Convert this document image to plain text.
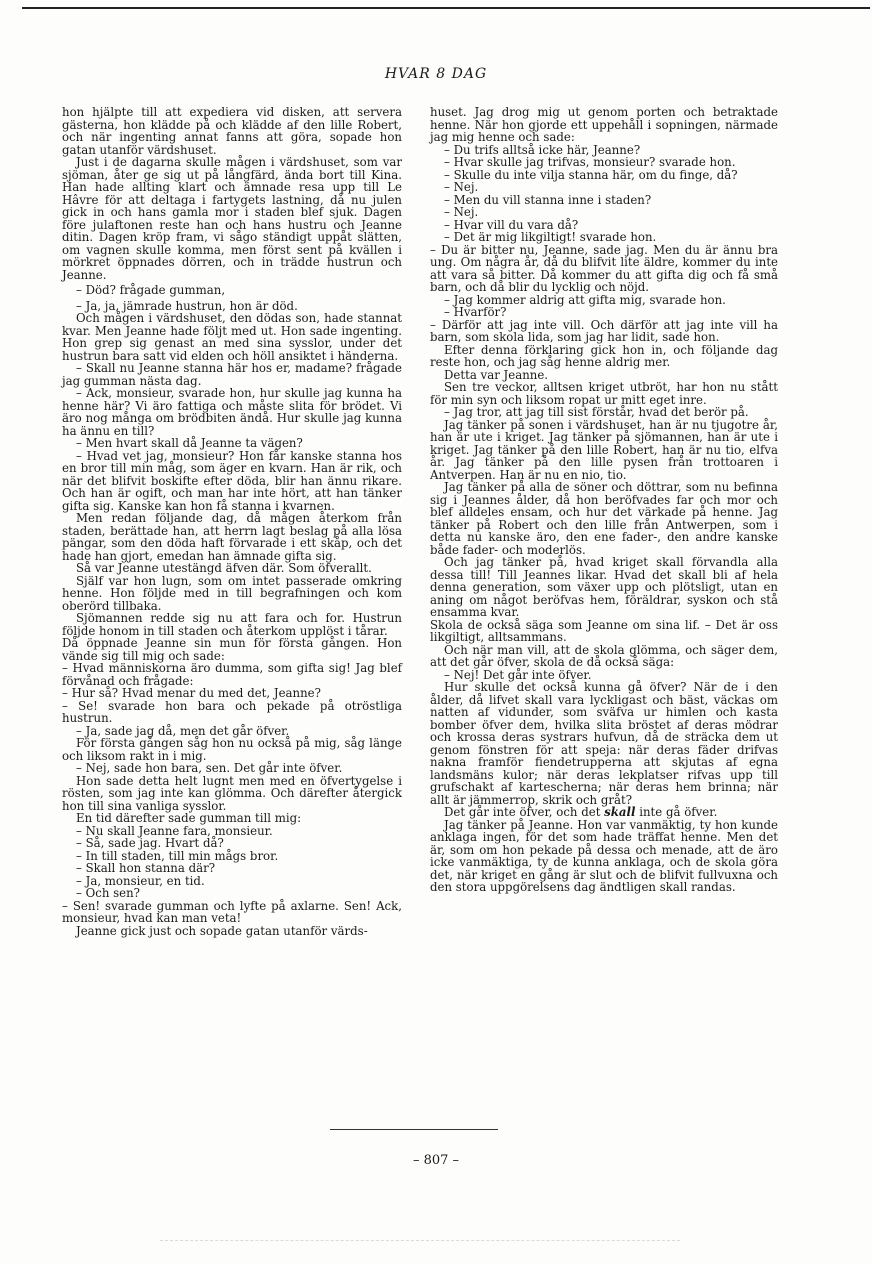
HVAR 8 DAG

hon hjälpte till att expediera vid disken, att servera gästerna, hon klädde på och klädde af den lille Robert, och när ingenting annat fanns att göra, sopade hon gatan utanför värdshuset.

Just i de dagarna skulle mågen i värdshuset, som var sjöman, åter ge sig ut på långfärd, ända bort till Kina. Han hade allting klart och ämnade resa upp till Le Hâvre för att deltaga i fartygets lastning, då nu julen gick in och hans gamla mor i staden blef sjuk. Dagen före julaftonen reste han och hans hustru och Jeanne ditin. Dagen kröp fram, vi sågo ständigt uppåt slätten, om vagnen skulle komma, men först sent på kvällen i mörkret öppnades dörren, och in trädde hustrun och Jeanne.

– Död? frågade gumman,

– Ja, ja, jämrade hustrun, hon är död.

Och mågen i värdshuset, den dödas son, hade stannat kvar. Men Jeanne hade följt med ut. Hon sade ingenting. Hon grep sig genast an med sina sysslor, under det hustrun bara satt vid elden och höll ansiktet i händerna.

– Skall nu Jeanne stanna här hos er, madame? frågade jag gumman nästa dag.

– Ack, monsieur, svarade hon, hur skulle jag kunna ha henne här? Vi äro fattiga och måste slita för brödet. Vi äro nog många om brödbiten ändå. Hur skulle jag kunna ha ännu en till?

– Men hvart skall då Jeanne ta vägen?

– Hvad vet jag, monsieur? Hon får kanske stanna hos en bror till min måg, som äger en kvarn. Han är rik, och när det blifvit boskifte efter döda, blir han ännu rikare. Och han är ogift, och man har inte hört, att han tänker gifta sig. Kanske kan hon få stanna i kvarnen.

Men redan följande dag, då mågen återkom från staden, berättade han, att herrn lagt beslag på alla lösa pängar, som den döda haft förvarade i ett skåp, och det hade han gjort, emedan han ämnade gifta sig.

Så var Jeanne utestängd äfven där. Som öfverallt.

Själf var hon lugn, som om intet passerade omkring henne. Hon följde med in till begrafningen och kom oberörd tillbaka.

Sjömannen redde sig nu att fara och for. Hustrun följde honom in till staden och återkom upplöst i tårar.

Då öppnade Jeanne sin mun för första gången. Hon vände sig till mig och sade:

– Hvad människorna äro dumma, som gifta sig! Jag blef förvånad och frågade:

– Hur så? Hvad menar du med det, Jeanne?

– Se! svarade hon bara och pekade på otröstliga hustrun.

– Ja, sade jag då, men det går öfver.

För första gången såg hon nu också på mig, såg länge och liksom rakt in i mig.

– Nej, sade hon bara, sen. Det går inte öfver.

Hon sade detta helt lugnt men med en öfvertygelse i rösten, som jag inte kan glömma. Och därefter återgick hon till sina vanliga sysslor.

En tid därefter sade gumman till mig:

– Nu skall Jeanne fara, monsieur.

– Så, sade jag. Hvart då?

– In till staden, till min mågs bror.

– Skall hon stanna där?

– Ja, monsieur, en tid.

– Och sen?

– Sen! svarade gumman och lyfte på axlarne. Sen! Ack, monsieur, hvad kan man veta!

Jeanne gick just och sopade gatan utanför värds-

huset. Jag drog mig ut genom porten och betraktade henne. När hon gjorde ett uppehåll i sopningen, närmade jag mig henne och sade:

– Du trifs alltså icke här, Jeanne?

– Hvar skulle jag trifvas, monsieur? svarade hon.

– Skulle du inte vilja stanna här, om du finge, då?

– Nej.

– Men du vill stanna inne i staden?

– Nej.

– Hvar vill du vara då?

– Det är mig likgiltigt! svarade hon.

– Du är bitter nu, Jeanne, sade jag. Men du är ännu bra ung. Om några år, då du blifvit lite äldre, kommer du inte att vara så bitter. Då kommer du att gifta dig och få små barn, och då blir du lycklig och nöjd.

– Jag kommer aldrig att gifta mig, svarade hon.

– Hvarför?

– Därför att jag inte vill. Och därför att jag inte vill ha barn, som skola lida, som jag har lidit, sade hon.

Efter denna förklaring gick hon in, och följande dag reste hon, och jag såg henne aldrig mer.

Detta var Jeanne.

Sen tre veckor, alltsen kriget utbröt, har hon nu stått för min syn och liksom ropat ur mitt eget inre.

– Jag tror, att jag till sist förstår, hvad det berör på.

Jag tänker på sonen i värdshuset, han är nu tjugotre år, han är ute i kriget. Jag tänker på sjömannen, han är ute i kriget. Jag tänker på den lille Robert, han är nu tio, elfva år. Jag tänker på den lille pysen från trottoaren i Antverpen. Han är nu en nio, tio.

Jag tänker på alla de söner och döttrar, som nu befinna sig i Jeannes ålder, då hon beröfvades far och mor och blef alldeles ensam, och hur det värkade på henne. Jag tänker på Robert och den lille från Antwerpen, som i detta nu kanske äro, den ene fader-, den andre kanske både fader- och moderlös.

Och jag tänker på, hvad kriget skall förvandla alla dessa till! Till Jeannes likar. Hvad det skall bli af hela denna generation, som växer upp och plötsligt, utan en aning om något beröfvas hem, föräldrar, syskon och stå ensamma kvar.

Skola de också säga som Jeanne om sina lif. – Det är oss likgiltigt, alltsammans.

Och när man vill, att de skola glömma, och säger dem, att det går öfver, skola de då också säga:

– Nej! Det går inte öfver.

Hur skulle det också kunna gå öfver? När de i den ålder, då lifvet skall vara lyckligast och bäst, väckas om natten af vidunder, som sväfva ur himlen och kasta bomber öfver dem, hvilka slita bröstet af deras mödrar och krossa deras systrars hufvun, då de sträcka dem ut genom fönstren för att speja: när deras fäder drifvas nakna framför fiendetrupperna att skjutas af egna landsmäns kulor; när deras lekplatser rifvas upp till grufschakt af kartescherna; när deras hem brinna; när allt är jämmerrop, skrik och gråt?

Det går inte öfver, och det skall inte gå öfver.

Jag tänker på Jeanne. Hon var vanmäktig, ty hon kunde anklaga ingen, för det som hade träffat henne. Men det är, som om hon pekade på dessa och menade, att de äro icke vanmäktiga, ty de kunna anklaga, och de skola göra det, när kriget en gång är slut och de blifvit fullvuxna och den stora uppgörelsens dag ändtligen skall randas.

– 807 –
